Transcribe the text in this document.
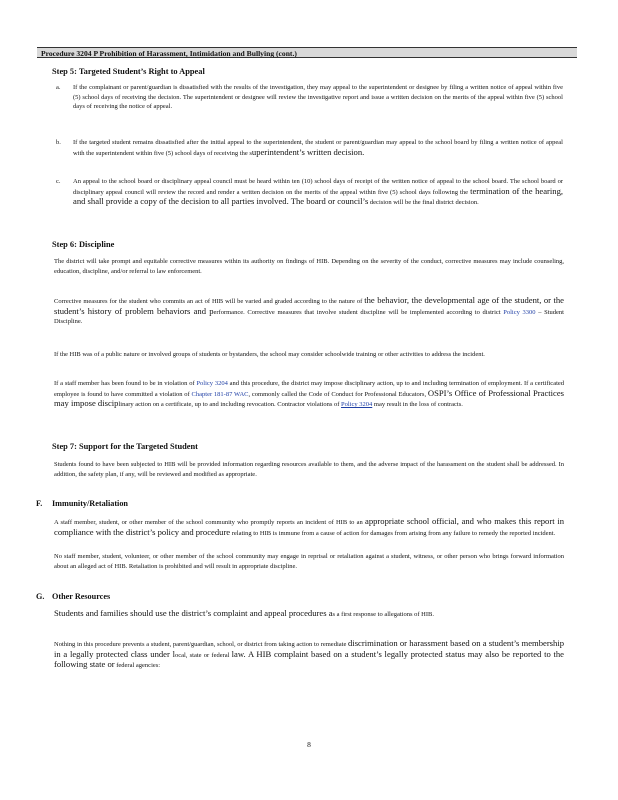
Procedure 3204 P Prohibition of Harassment, Intimidation and Bullying (cont.)
Step 5: Targeted Student’s Right to Appeal
a. If the complainant or parent/guardian is dissatisfied with the results of the investigation, they may appeal to the superintendent or designee by filing a written notice of appeal within five (5) school days of receiving the decision. The superintendent or designee will review the investigative report and issue a written decision on the merits of the appeal within five (5) school days of receiving the notice of appeal.
b. If the targeted student remains dissatisfied after the initial appeal to the superintendent, the student or parent/guardian may appeal to the school board by filing a written notice of appeal with the superintendent within five (5) school days of receiving the superintendent’s written decision.
c. An appeal to the school board or disciplinary appeal council must be heard within ten (10) school days of receipt of the written notice of appeal to the school board. The school board or disciplinary appeal council will review the record and render a written decision on the merits of the appeal within five (5) school days following the termination of the hearing, and shall provide a copy of the decision to all parties involved. The board or council’s decision will be the final district decision.
Step 6: Discipline
The district will take prompt and equitable corrective measures within its authority on findings of HIB. Depending on the severity of the conduct, corrective measures may include counseling, education, discipline, and/or referral to law enforcement.
Corrective measures for the student who commits an act of HIB will be varied and graded according to the nature of the behavior, the developmental age of the student, or the student’s history of problem behaviors and performance. Corrective measures that involve student discipline will be implemented according to district Policy 3300 – Student Discipline.
If the HIB was of a public nature or involved groups of students or bystanders, the school may consider schoolwide training or other activities to address the incident.
If a staff member has been found to be in violation of Policy 3204 and this procedure, the district may impose disciplinary action, up to and including termination of employment. If a certificated employee is found to have committed a violation of Chapter 181-87 WAC, commonly called the Code of Conduct for Professional Educators, OSPI’s Office of Professional Practices may impose disciplinary action on a certificate, up to and including revocation. Contractor violations of Policy 3204 may result in the loss of contracts.
Step 7: Support for the Targeted Student
Students found to have been subjected to HIB will be provided information regarding resources available to them, and the adverse impact of the harassment on the student shall be addressed. In addition, the safety plan, if any, will be reviewed and modified as appropriate.
F. Immunity/Retaliation
A staff member, student, or other member of the school community who promptly reports an incident of HIB to an appropriate school official, and who makes this report in compliance with the district’s policy and procedure relating to HIB is immune from a cause of action for damages from arising from any failure to remedy the reported incident.
No staff member, student, volunteer, or other member of the school community may engage in reprisal or retaliation against a student, witness, or other person who brings forward information about an alleged act of HIB. Retaliation is prohibited and will result in appropriate discipline.
G. Other Resources
Students and families should use the district’s complaint and appeal procedures as a first response to allegations of HIB.
Nothing in this procedure prevents a student, parent/guardian, school, or district from taking action to remediate discrimination or harassment based on a student’s membership in a legally protected class under local, state or federal law. A HIB complaint based on a student’s legally protected status may also be reported to the following state or federal agencies:
8
